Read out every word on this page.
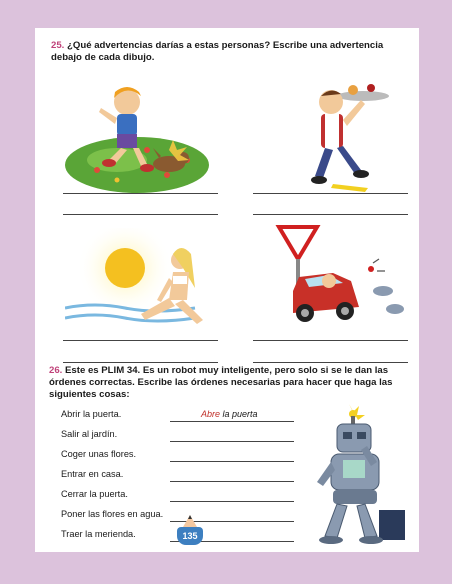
25. ¿Qué advertencias darías a estas personas? Escribe una advertencia debajo de cada dibujo.
26. Este es PLIM 34. Es un robot muy inteligente, pero solo si se le dan las órdenes correctas. Escribe las órdenes necesarias para hacer que haga las siguientes cosas:
Abrir la puerta.
Salir al jardín.
Coger unas flores.
Entrar en casa.
Cerrar la puerta.
Poner las flores en agua.
Traer la merienda.
Abre la puerta
135
